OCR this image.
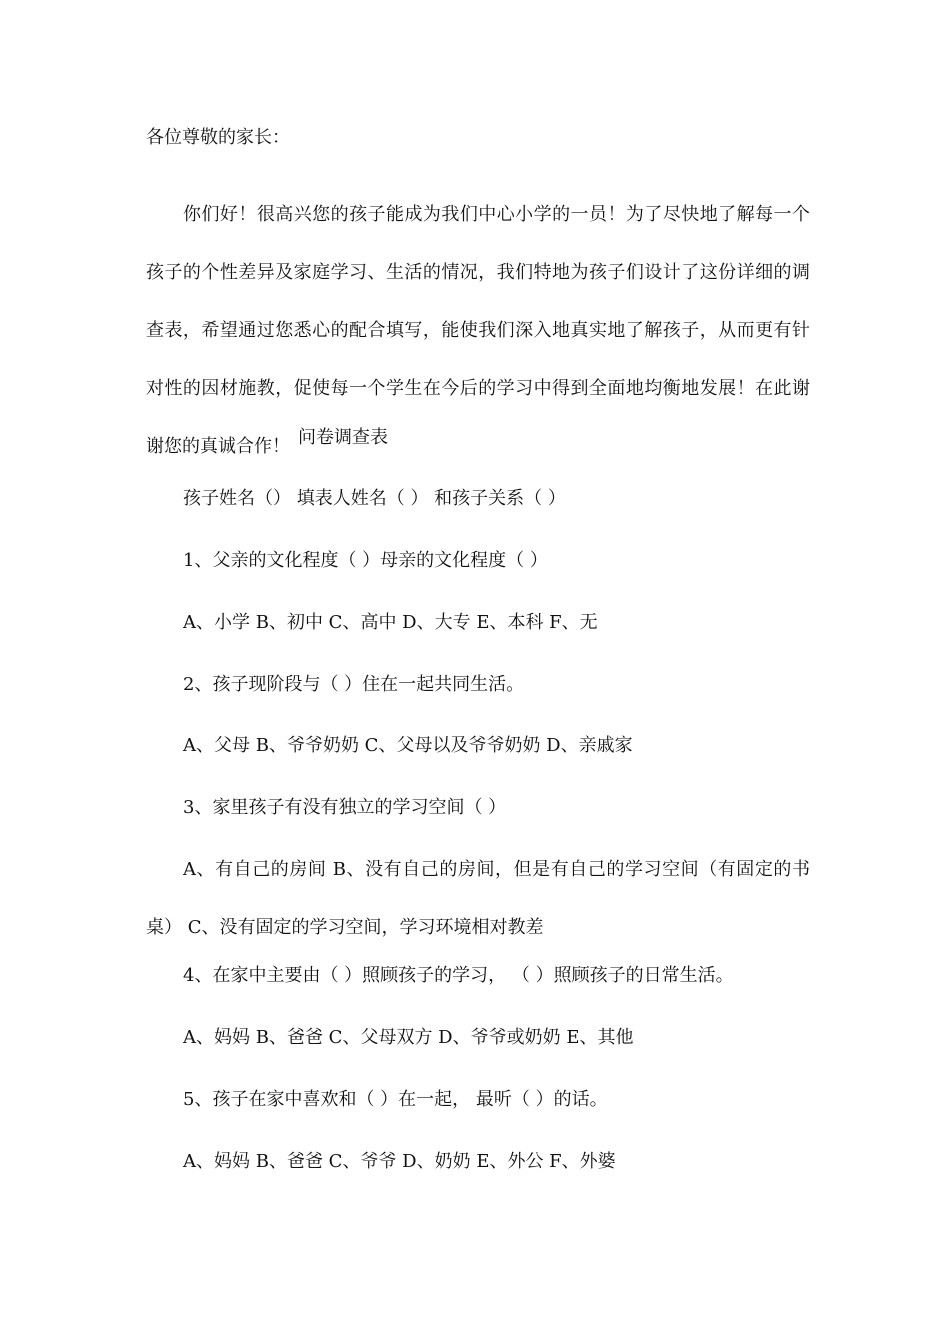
各位尊敬的家长：
你们好！很高兴您的孩子能成为我们中心小学的一员！为了尽快地了解每一个孩子的个性差异及家庭学习、生活的情况，我们特地为孩子们设计了这份详细的调查表，希望通过您悉心的配合填写，能使我们深入地真实地了解孩子，从而更有针对性的因材施教，促使每一个学生在今后的学习中得到全面地均衡地发展！在此谢谢您的真诚合作！ 问卷调查表
孩子姓名（） 填表人姓名（ ） 和孩子关系（ ）
1、父亲的文化程度（ ）母亲的文化程度（ ）
A、小学 B、初中 C、高中 D、大专 E、本科 F、无
2、孩子现阶段与（ ）住在一起共同生活。
A、父母 B、爷爷奶奶 C、父母以及爷爷奶奶 D、亲戚家
3、家里孩子有没有独立的学习空间（ ）
A、有自己的房间 B、没有自己的房间，但是有自己的学习空间（有固定的书桌） C、没有固定的学习空间，学习环境相对教差
4、在家中主要由（ ）照顾孩子的学习， （ ）照顾孩子的日常生活。
A、妈妈 B、爸爸 C、父母双方 D、爷爷或奶奶 E、其他
5、孩子在家中喜欢和（ ）在一起， 最听（ ）的话。
A、妈妈 B、爸爸 C、爷爷 D、奶奶 E、外公 F、外婆
